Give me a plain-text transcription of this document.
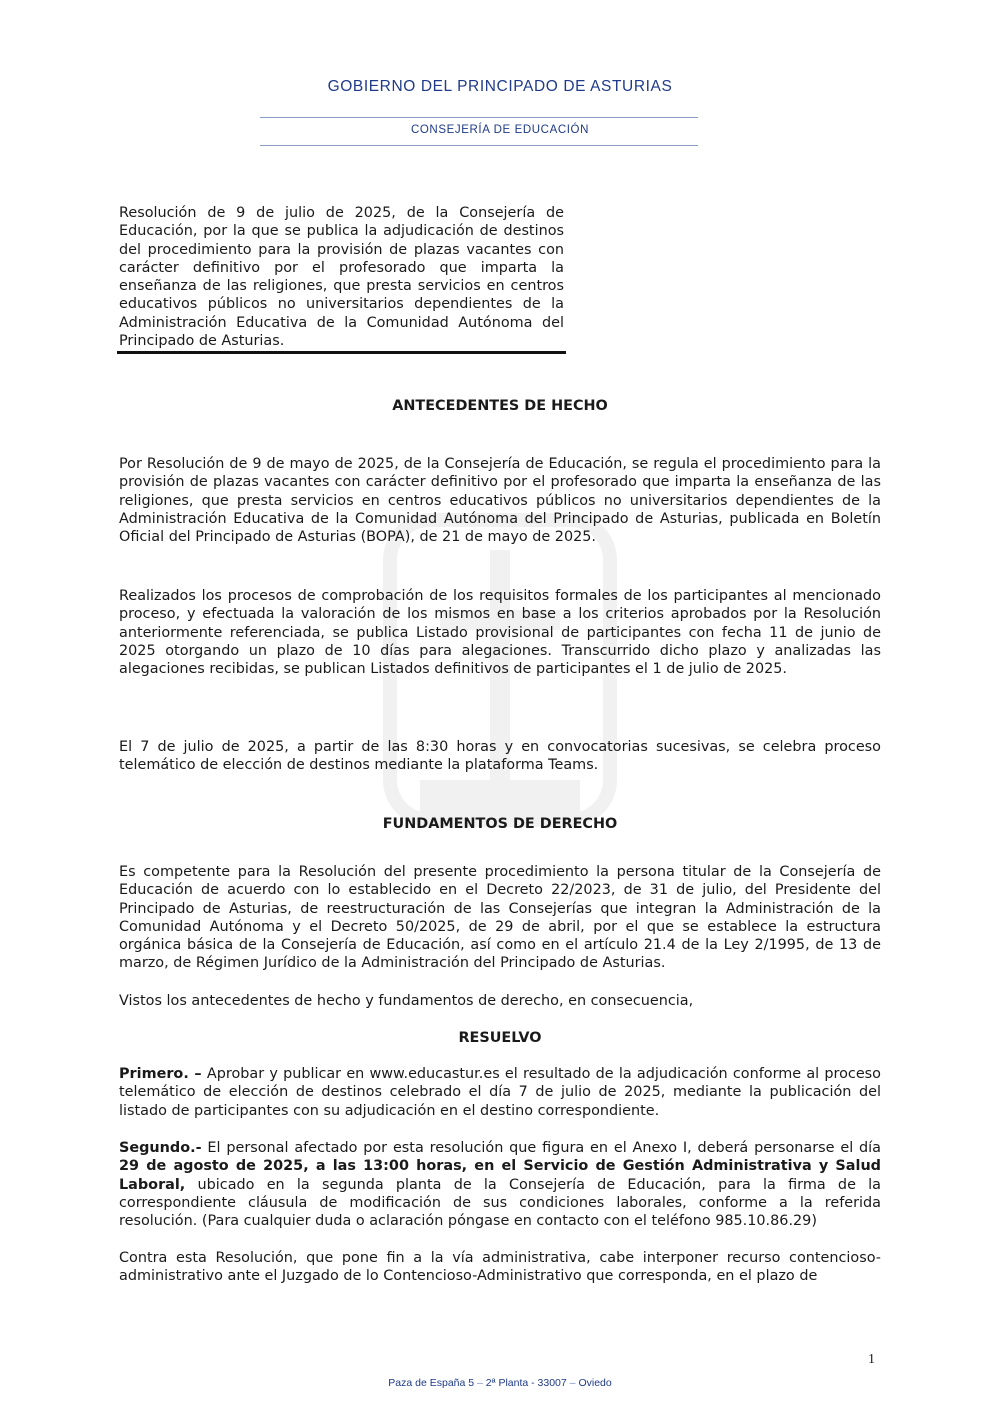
GOBIERNO DEL PRINCIPADO DE ASTURIAS
CONSEJERÍA DE EDUCACIÓN
Resolución de 9 de julio de 2025, de la Consejería de Educación, por la que se publica la adjudicación de destinos del procedimiento para la provisión de plazas vacantes con carácter definitivo por el profesorado que imparta la enseñanza de las religiones, que presta servicios en centros educativos públicos no universitarios dependientes de la Administración Educativa de la Comunidad Autónoma del Principado de Asturias.
ANTECEDENTES DE HECHO

Por Resolución de 9 de mayo de 2025, de la Consejería de Educación, se regula el procedimiento para la provisión de plazas vacantes con carácter definitivo por el profesorado que imparta la enseñanza de las religiones, que presta servicios en centros educativos públicos no universitarios dependientes de la Administración Educativa de la Comunidad Autónoma del Principado de Asturias, publicada en Boletín Oficial del Principado de Asturias (BOPA), de 21 de mayo de 2025.

Realizados los procesos de comprobación de los requisitos formales de los participantes al mencionado proceso, y efectuada la valoración de los mismos en base a los criterios aprobados por la Resolución anteriormente referenciada, se publica Listado provisional de participantes con fecha 11 de junio de 2025 otorgando un plazo de 10 días para alegaciones. Transcurrido dicho plazo y analizadas las alegaciones recibidas, se publican Listados definitivos de participantes el 1 de julio de 2025.

El 7 de julio de 2025, a partir de las 8:30 horas y en convocatorias sucesivas, se celebra proceso telemático de elección de destinos mediante la plataforma Teams.

FUNDAMENTOS DE DERECHO

Es competente para la Resolución del presente procedimiento la persona titular de la Consejería de Educación de acuerdo con lo establecido en el Decreto 22/2023, de 31 de julio, del Presidente del Principado de Asturias, de reestructuración de las Consejerías que integran la Administración de la Comunidad Autónoma y el Decreto 50/2025, de 29 de abril, por el que se establece la estructura orgánica básica de la Consejería de Educación, así como en el artículo 21.4 de la Ley 2/1995, de 13 de marzo, de Régimen Jurídico de la Administración del Principado de Asturias.

Vistos los antecedentes de hecho y fundamentos de derecho, en consecuencia,

RESUELVO

Primero. – Aprobar y publicar en www.educastur.es el resultado de la adjudicación conforme al proceso telemático de elección de destinos celebrado el día 7 de julio de 2025, mediante la publicación del listado de participantes con su adjudicación en el destino correspondiente.

Segundo.- El personal afectado por esta resolución que figura en el Anexo I, deberá personarse el día 29 de agosto de 2025, a las 13:00 horas, en el Servicio de Gestión Administrativa y Salud Laboral, ubicado en la segunda planta de la Consejería de Educación, para la firma de la correspondiente cláusula de modificación de sus condiciones laborales, conforme a la referida resolución. (Para cualquier duda o aclaración póngase en contacto con el teléfono 985.10.86.29)

Contra esta Resolución, que pone fin a la vía administrativa, cabe interponer recurso contencioso-administrativo ante el Juzgado de lo Contencioso-Administrativo que corresponda, en el plazo de

1
Paza de España 5 – 2ª Planta - 33007 – Oviedo
